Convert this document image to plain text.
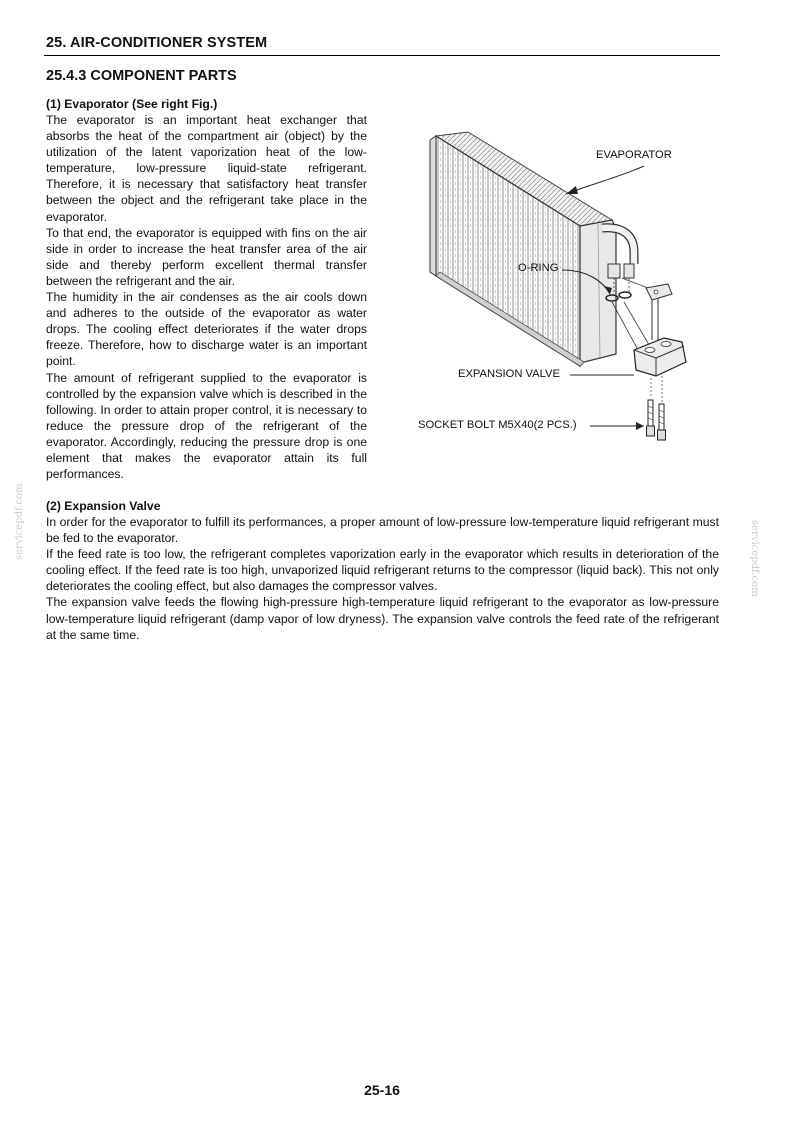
25. AIR-CONDITIONER SYSTEM
25.4.3 COMPONENT PARTS
(1) Evaporator (See right Fig.)

The evaporator is an important heat exchanger that absorbs the heat of the compartment air (object) by the utilization of the latent vaporization heat of the low-temperature, low-pressure liquid-state refrigerant. Therefore, it is necessary that satisfactory heat transfer between the object and the refrigerant take place in the evaporator.

To that end, the evaporator is equipped with fins on the air side in order to increase the heat transfer area of the air side and thereby perform excellent thermal transfer between the refrigerant and the air.

The humidity in the air condenses as the air cools down and adheres to the outside of the evaporator as water drops. The cooling effect deteriorates if the water drops freeze. Therefore, how to discharge water is an important point.

The amount of refrigerant supplied to the evaporator is controlled by the expansion valve which is described in the following. In order to attain proper control, it is necessary to reduce the pressure drop of the refrigerant of the evaporator. Accordingly, reducing the pressure drop is one element that makes the evaporator attain its full performances.

EVAPORATOR
O-RING
EXPANSION VALVE
SOCKET BOLT M5X40(2 PCS.)
(2) Expansion Valve

In order for the evaporator to fulfill its performances, a proper amount of low-pressure low-temperature liquid refrigerant must be fed to the evaporator.

If the feed rate is too low, the refrigerant completes vaporization early in the evaporator which results in deterioration of the cooling effect. If the feed rate is too high, unvaporized liquid refrigerant returns to the compressor (liquid back). This not only deteriorates the cooling effect, but also damages the compressor valves.

The expansion valve feeds the flowing high-pressure high-temperature liquid refrigerant to the evaporator as low-pressure low-temperature liquid refrigerant (damp vapor of low dryness). The expansion valve controls the feed rate of the refrigerant at the same time.

servicepdf.com	servicepdf.com
25-16
